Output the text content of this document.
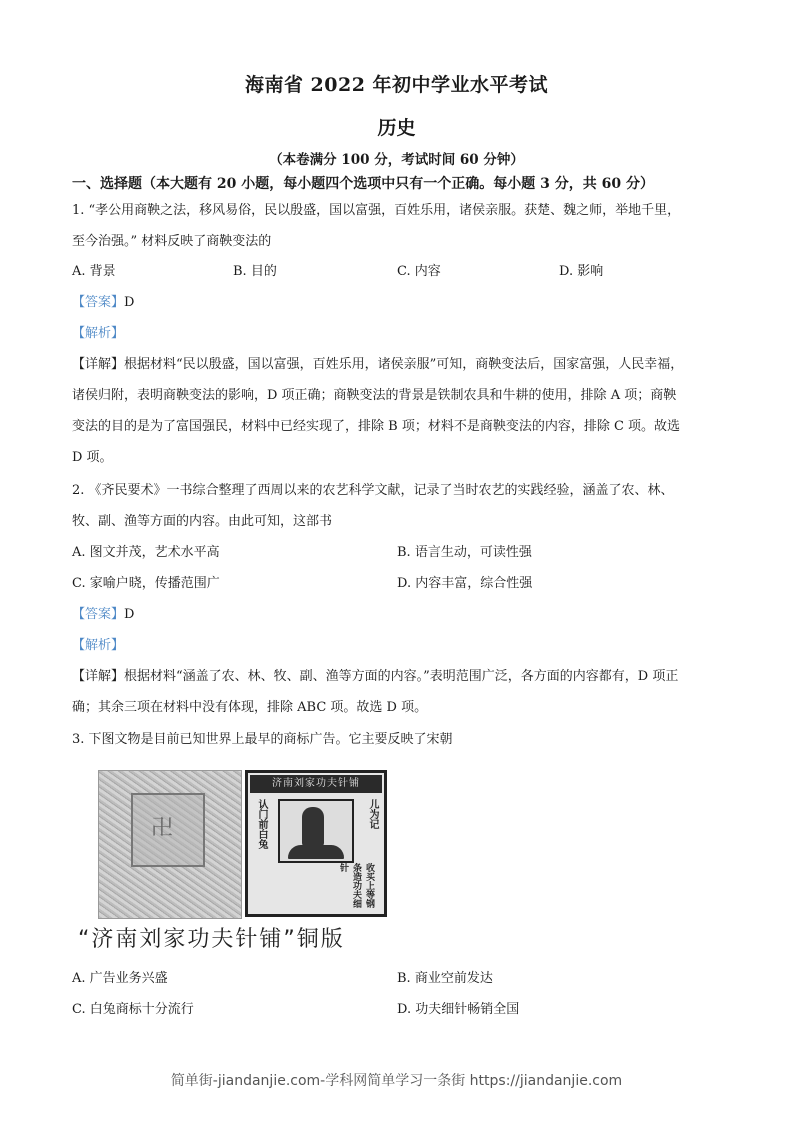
海南省 2022 年初中学业水平考试
历史
（本卷满分 100 分，考试时间 60 分钟）
一、选择题（本大题有 20 小题，每小题四个选项中只有一个正确。每小题 3 分，共 60 分）
1. “孝公用商鞅之法，移风易俗，民以殷盛，国以富强，百姓乐用，诸侯亲服。获楚、魏之师，举地千里，
至今治强。” 材料反映了商鞅变法的
A. 背景	B. 目的	C. 内容	D. 影响
【答案】D
【解析】
【详解】根据材料“民以殷盛，国以富强，百姓乐用，诸侯亲服”可知，商鞅变法后，国家富强，人民幸福，
诸侯归附，表明商鞅变法的影响，D 项正确；商鞅变法的背景是铁制农具和牛耕的使用，排除 A 项；商鞅
变法的目的是为了富国强民，材料中已经实现了，排除 B 项；材料不是商鞅变法的内容，排除 C 项。故选
D 项。
2. 《齐民要术》一书综合整理了西周以来的农艺科学文献，记录了当时农艺的实践经验，涵盖了农、林、
牧、副、渔等方面的内容。由此可知，这部书
A. 图文并茂，艺术水平高	B. 语言生动，可读性强
C. 家喻户晓，传播范围广	D. 内容丰富，综合性强
【答案】D
【解析】
【详解】根据材料“涵盖了农、林、牧、副、渔等方面的内容。”表明范围广泛，各方面的内容都有，D 项正
确；其余三项在材料中没有体现，排除 ABC 项。故选 D 项。
3. 下图文物是目前已知世界上最早的商标广告。它主要反映了宋朝
卍
济南刘家功夫针铺
认门前白兔	儿为记
收买上等钢条造功夫细针
“济南刘家功夫针铺”铜版
A. 广告业务兴盛	B. 商业空前发达
C. 白兔商标十分流行	D. 功夫细针畅销全国
简单街-jiandanjie.com-学科网简单学习一条街 https://jiandanjie.com
